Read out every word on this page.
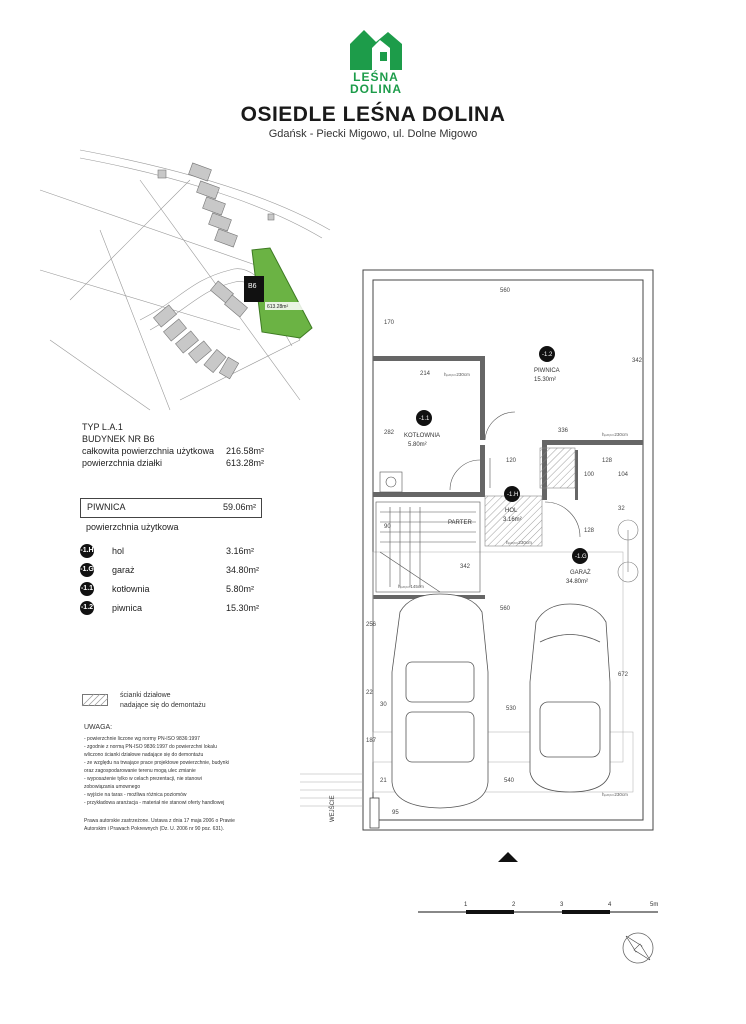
LEŚNA
DOLINA
OSIEDLE LEŚNA DOLINA
Gdańsk - Piecki Migowo, ul. Dolne Migowo
B6
613.28m²
TYP L.A.1
BUDYNEK NR B6
całkowita powierzchnia użytkowa 216.58m²
powierzchnia działki	613.28m²
PIWNICA	59.06m²
powierzchnia użytkowa
-1.H hol	3.16m²
-1.G garaż	34.80m²
-1.1 kotłownia	5.80m²
-1.2 piwnica	15.30m²
ścianki działowe
nadające się do demontażu
UWAGA:
- powierzchnie liczone wg normy PN-ISO 9836:1997
- zgodnie z normą PN-ISO 9836:1997 do powierzchni lokalu
wliczono ścianki działowe nadające się do demontażu
- ze względu na trwające prace projektowe powierzchnie, budynki
oraz zagospodarowanie terenu mogą ulec zmianie
- wyposażenie tylko w celach prezentacji, nie stanowi
zobowiązania umownego
- wyjście na taras - możliwa różnica poziomów
- przykładowa aranżacja - materiał nie stanowi oferty handlowej
Prawa autorskie zastrzeżone. Ustawa z dnia 17 maja 2006 o Prawie
Autorskim i Prawach Pokrewnych (Dz. U. 2006 nr 90 poz. 631).
-1.2
-1.1
-1.H
-1.G
PIWNICA
15.30m²
KOTŁOWNIA
5.80m²
HOL
3.16m²
GARAŻ
34.80m²
560
170
342
214
282	336
120	128
100	104
128
90
342
32
560
256
672
22
30
530
187
21	540
95
hₚₘᵢₙ=230cm
hₚₘᵢₙ=230cm
hₚₘᵢₙ=230cm
hₚₘᵢₙ=145cm
hₚₘᵢₙ=230cm
PARTER
WEJŚCIE
1	2	3	4	5m
